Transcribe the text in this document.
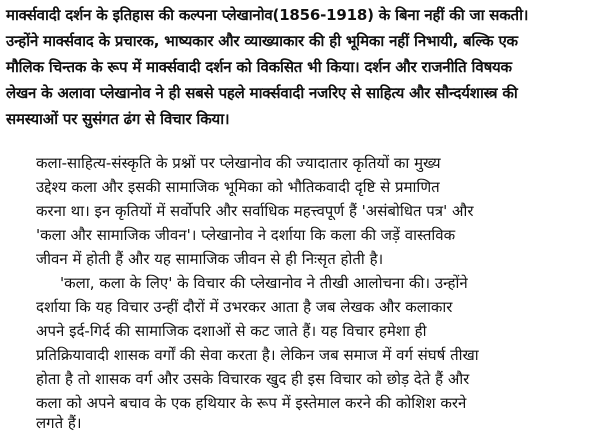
मार्क्सवादी दर्शन के इतिहास की कल्पना प्लेखानोव(1856-1918) के बिना नहीं की जा सकती।
उन्होंने मार्क्सवाद के प्रचारक, भाष्यकार और व्याख्याकार की ही भूमिका नहीं निभायी, बल्कि एक
मौलिक चिन्तक के रूप में मार्क्सवादी दर्शन को विकसित भी किया। दर्शन और राजनीति विषयक
लेखन के अलावा प्लेखानोव ने ही सबसे पहले मार्क्सवादी नजरिए से साहित्य और सौन्दर्यशास्त्र की
समस्याओं पर सुसंगत ढंग से विचार किया।
कला-साहित्य-संस्कृति के प्रश्नों पर प्लेखानोव की ज्यादातार कृतियों का मुख्य
उद्देश्य कला और इसकी सामाजिक भूमिका को भौतिकवादी दृष्टि से प्रमाणित
करना था। इन कृतियों में सर्वोपरि और सर्वाधिक महत्त्वपूर्ण हैं 'असंबोधित पत्र' और
'कला और सामाजिक जीवन'। प्लेखानोव ने दर्शाया कि कला की जड़ें वास्तविक
जीवन में होती हैं और यह सामाजिक जीवन से ही निःसृत होती है।
'कला, कला के लिए' के विचार की प्लेखानोव ने तीखी आलोचना की। उन्होंने
दर्शाया कि यह विचार उन्हीं दौरों में उभरकर आता है जब लेखक और कलाकार
अपने इर्द-गिर्द की सामाजिक दशाओं से कट जाते हैं। यह विचार हमेशा ही
प्रतिक्रियावादी शासक वर्गों की सेवा करता है। लेकिन जब समाज में वर्ग संघर्ष तीखा
होता है तो शासक वर्ग और उसके विचारक खुद ही इस विचार को छोड़ देते हैं और
कला को अपने बचाव के एक हथियार के रूप में इस्तेमाल करने की कोशिश करने
लगते हैं।
